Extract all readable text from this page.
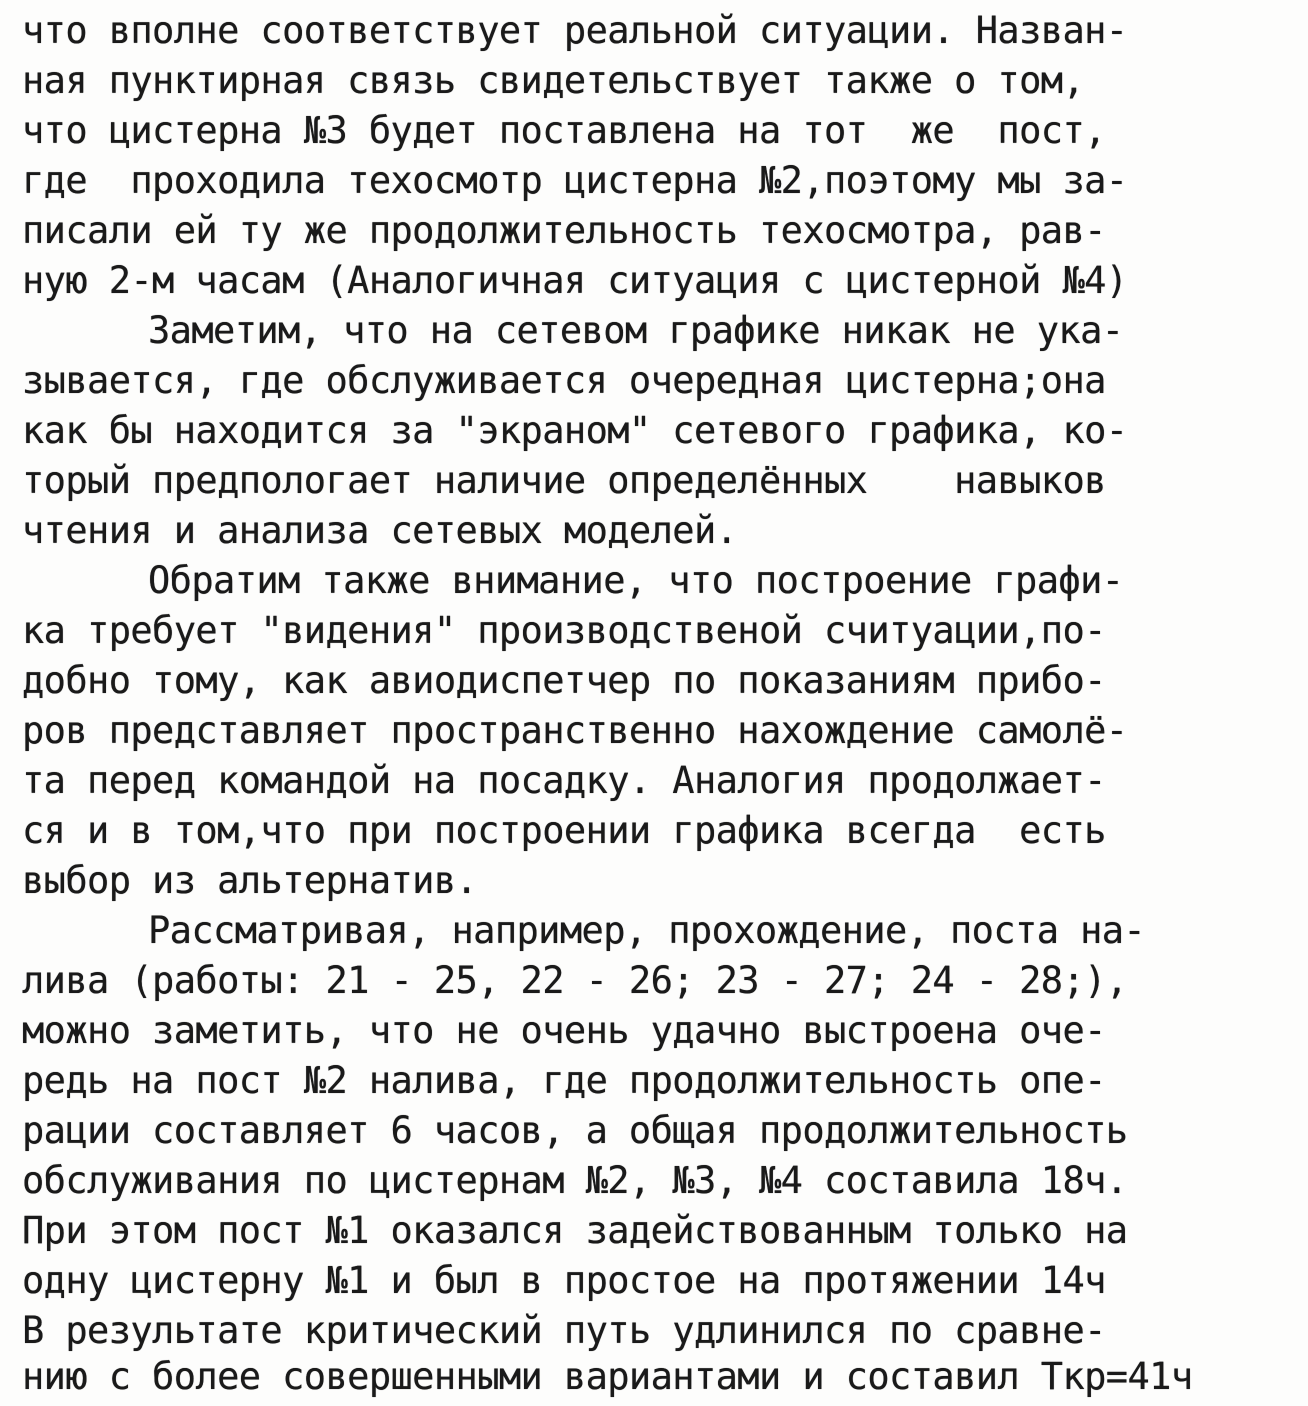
что вполне соответствует реальной ситуации. Назван-
ная пунктирная связь свидетельствует также о том,
что цистерна №3 будет поставлена на тот  же  пост,
где  проходила техосмотр цистерна №2,поэтому мы за-
писали ей ту же продолжительность техосмотра, рав-
ную 2-м часам (Аналогичная ситуация с цистерной №4)
Заметим, что на сетевом графике никак не ука-
зывается, где обслуживается очередная цистерна;она
как бы находится за "экраном" сетевого графика, ко-
торый предпологает наличие определённых    навыков
чтения и анализа сетевых моделей.
Обратим также внимание, что построение графи-
ка требует "видения" производственой считуации,по-
добно тому, как авиодиспетчер по показаниям прибо-
ров представляет пространственно нахождение самолё-
та перед командой на посадку. Аналогия продолжает-
ся и в том,что при построении графика всегда  есть
выбор из альтернатив.
Рассматривая, например, прохождение, поста на-
лива (работы: 21 - 25, 22 - 26; 23 - 27; 24 - 28;),
можно заметить, что не очень удачно выстроена оче-
редь на пост №2 налива, где продолжительность опе-
рации составляет 6 часов, а общая продолжительность
обслуживания по цистернам №2, №3, №4 составила 18ч.
При этом пост №1 оказался задействованным только на
одну цистерну №1 и был в простое на протяжении 14ч
В результате критический путь удлинился по сравне-
нию с более совершенными вариантами и составил Tкр=41ч
